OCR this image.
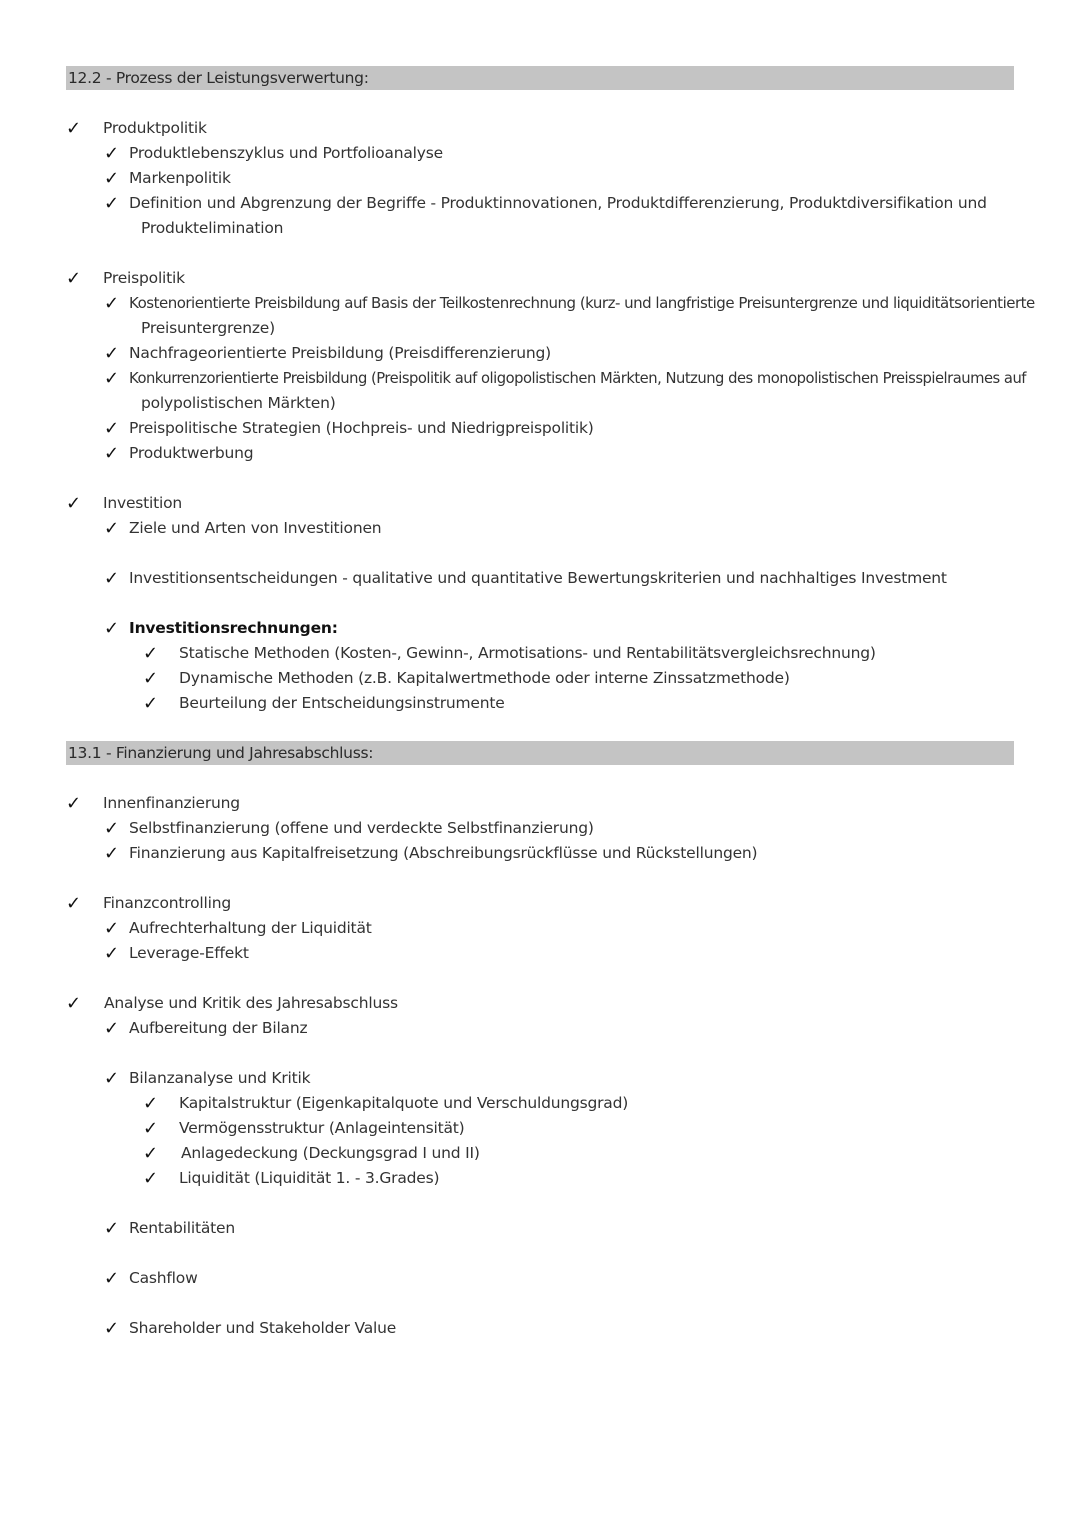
12.2 - Prozess der Leistungsverwertung:
✓ Produktpolitik
✓ Produktlebenszyklus und Portfolioanalyse
✓ Markenpolitik
✓ Definition und Abgrenzung der Begriffe - Produktinnovationen, Produktdifferenzierung, Produktdiversifikation und
Produktelimination
✓ Preispolitik
✓ Kostenorientierte Preisbildung auf Basis der Teilkostenrechnung (kurz- und langfristige Preisuntergrenze und liquiditätsorientierte
Preisuntergrenze)
✓ Nachfrageorientierte Preisbildung (Preisdifferenzierung)
✓ Konkurrenzorientierte Preisbildung (Preispolitik auf oligopolistischen Märkten, Nutzung des monopolistischen Preisspielraumes auf
polypolistischen Märkten)
✓ Preispolitische Strategien (Hochpreis- und Niedrigpreispolitik)
✓ Produktwerbung
✓ Investition
✓ Ziele und Arten von Investitionen
✓ Investitionsentscheidungen - qualitative und quantitative Bewertungskriterien und nachhaltiges Investment
✓ Investitionsrechnungen:
✓ Statische Methoden (Kosten-, Gewinn-, Armotisations- und Rentabilitätsvergleichsrechnung)
✓ Dynamische Methoden (z.B. Kapitalwertmethode oder interne Zinssatzmethode)
✓ Beurteilung der Entscheidungsinstrumente
13.1 - Finanzierung und Jahresabschluss:
✓ Innenfinanzierung
✓ Selbstfinanzierung (offene und verdeckte Selbstfinanzierung)
✓ Finanzierung aus Kapitalfreisetzung (Abschreibungsrückflüsse und Rückstellungen)
✓ Finanzcontrolling
✓ Aufrechterhaltung der Liquidität
✓ Leverage-Effekt
✓ Analyse und Kritik des Jahresabschluss
✓ Aufbereitung der Bilanz
✓ Bilanzanalyse und Kritik
✓ Kapitalstruktur (Eigenkapitalquote und Verschuldungsgrad)
✓ Vermögensstruktur (Anlageintensität)
✓ Anlagedeckung (Deckungsgrad I und II)
✓ Liquidität (Liquidität 1. - 3.Grades)
✓ Rentabilitäten
✓ Cashflow
✓ Shareholder und Stakeholder Value
